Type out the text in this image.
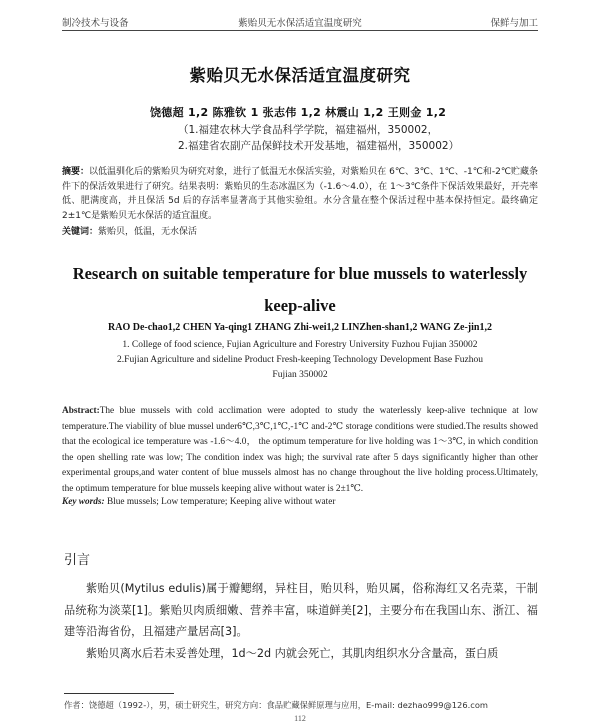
制冷技术与设备	紫贻贝无水保活适宜温度研究	保鲜与加工
紫贻贝无水保活适宜温度研究
饶德超 1,2 陈雅钦 1 张志伟 1,2 林震山 1,2 王则金 1,2
（1.福建农林大学食品科学学院，福建福州，350002，
2.福建省农副产品保鲜技术开发基地，福建福州，350002）
摘要：以低温驯化后的紫贻贝为研究对象，进行了低温无水保活实验，对紫贻贝在 6℃、3℃、1℃、-1℃和-2℃贮藏条件下的保活效果进行了研究。结果表明：紫贻贝的生态冰温区为（-1.6～4.0），在 1～3℃条件下保活效果最好，开壳率低、肥满度高，并且保活 5d 后的存活率显著高于其他实验组。水分含量在整个保活过程中基本保持恒定。最终确定 2±1℃是紫贻贝无水保活的适宜温度。
关键词：紫贻贝，低温，无水保活
Research on suitable temperature for blue mussels to waterlessly
keep-alive
RAO De-chao1,2 CHEN Ya-qing1 ZHANG Zhi-wei1,2 LINZhen-shan1,2 WANG Ze-jin1,2
1. College of food science, Fujian Agriculture and Forestry University Fuzhou Fujian 350002
2.Fujian Agriculture and sideline Product Fresh-keeping Technology Development Base Fuzhou
Fujian 350002
Abstract:The blue mussels with cold acclimation were adopted to study the waterlessly keep-alive technique at low temperature.The viability of blue mussel under6℃,3℃,1℃,-1℃ and-2℃ storage conditions were studied.The results showed that the ecological ice temperature was -1.6～4.0， the optimum temperature for live holding was 1～3℃, in which condition the open shelling rate was low; The condition index was high; the survival rate after 5 days significantly higher than other experimental groups,and water content of blue mussels almost has no change throughout the live holding process.Ultimately, the optimum temperature for blue mussels keeping alive without water is 2±1℃.
Key words: Blue mussels; Low temperature; Keeping alive without water
引言

紫贻贝(Mytilus edulis)属于瓣鳃纲，异柱目，贻贝科，贻贝属，俗称海红又名壳菜，干制品统称为淡菜[1]。紫贻贝肉质细嫩、营养丰富，味道鲜美[2]，主要分布在我国山东、浙江、福建等沿海省份，且福建产量居高[3]。

紫贻贝离水后若未妥善处理，1d～2d 内就会死亡，其肌肉组织水分含量高，蛋白质

作者：饶德超（1992-），男，硕士研究生，研究方向：食品贮藏保鲜原理与应用，E-mail: dezhao999@126.com
112
